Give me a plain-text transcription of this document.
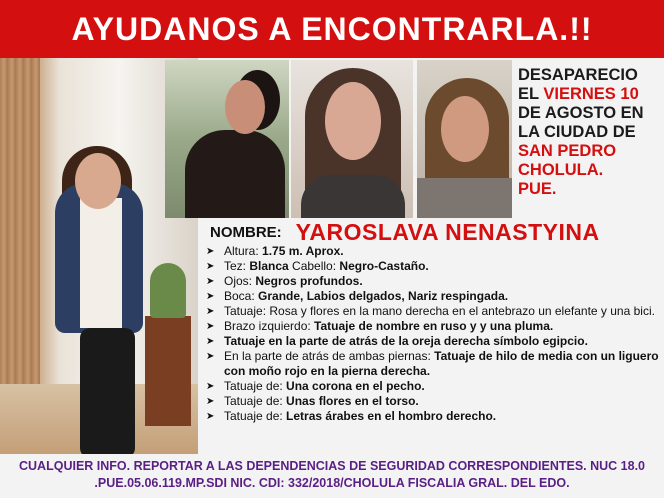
AYUDANOS A ENCONTRARLA.!!
DESAPARECIO
EL VIERNES 10
DE AGOSTO EN
LA CIUDAD DE
SAN PEDRO
CHOLULA.
PUE.
NOMBRE: YAROSLAVA NENASTYINA
➤ Altura: 1.75 m. Aprox.
➤ Tez: Blanca Cabello: Negro-Castaño.
➤ Ojos: Negros profundos.
➤ Boca: Grande, Labios delgados, Nariz respingada.
➤ Tatuaje: Rosa y flores en la mano derecha en el antebrazo un elefante y una bici.
➤ Brazo izquierdo: Tatuaje de nombre en ruso y y una pluma.
➤ Tatuaje en la parte de atrás de la oreja derecha símbolo egipcio.
➤ En la parte de atrás de ambas piernas: Tatuaje de hilo de media con un liguero con moño rojo en la pierna derecha.
➤ Tatuaje de: Una corona en el pecho.
➤ Tatuaje de: Unas flores en el torso.
➤ Tatuaje de: Letras árabes en el hombro derecho.
CUALQUIER INFO. REPORTAR A LAS DEPENDENCIAS DE SEGURIDAD CORRESPONDIENTES. NUC 18.0
.PUE.05.06.119.MP.SDI NIC. CDI: 332/2018/CHOLULA FISCALIA GRAL. DEL EDO.
